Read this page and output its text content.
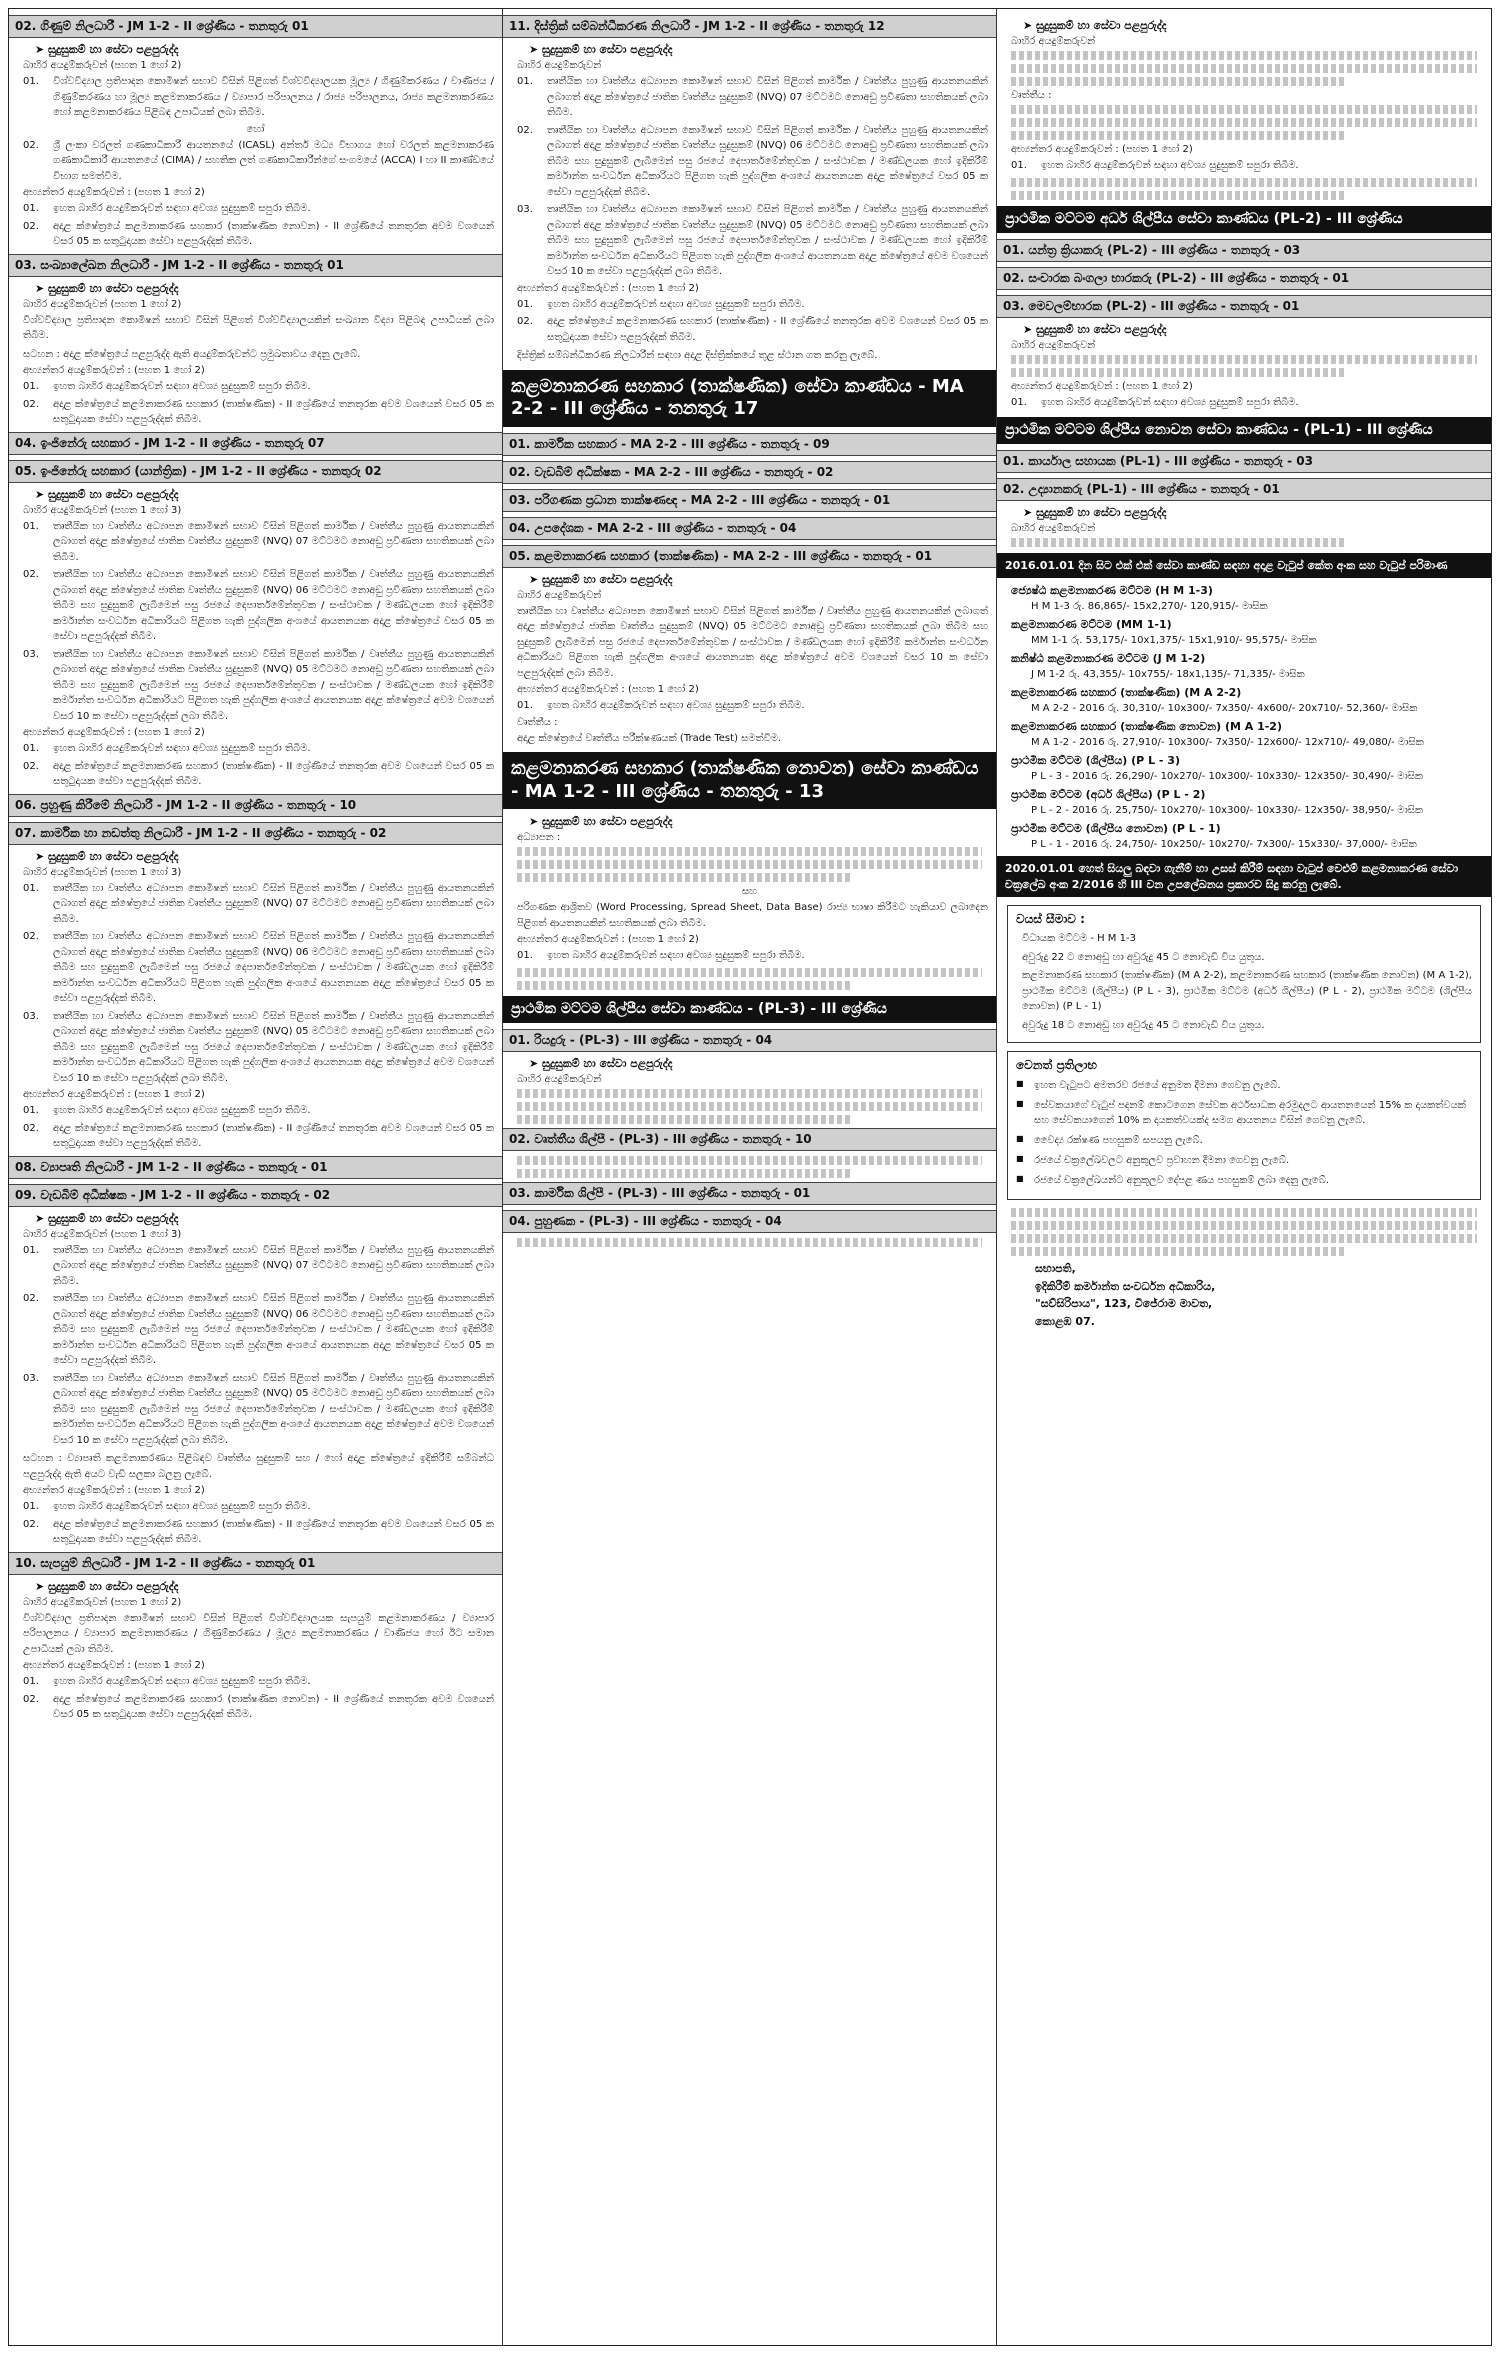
02. ගිණුම් නිලධාරී - JM 1-2 - II ශ්‍රේණිය - තනතුරු 01
➤ සුදුසුකම් හා සේවා පළපුරුද්ද
බාහිර අයදුම්කරුවන් (පහත 1 හෝ 2)
01.	විශ්වවිද්‍යාල ප්‍රතිපාදන කොමිෂන් සභාව විසින් පිළිගත් විශ්වවිද්‍යාලයක මූල්‍ය / ගිණුම්කරණය / වාණිජය / ගිණුම්කරණය හා මූල්‍ය කළමනාකරණය / ව්‍යාපාර පරිපාලනය / රාජ්‍ය පරිපාලනය, රාජ්‍ය කළමනාකරණය හෝ කළමනාකරණය පිළිබඳ උපාධියක් ලබා තිබීම.
හෝ
02.	ශ්‍රී ලංකා වරලත් ගණකාධිකාරී ආයතනයේ (ICASL) අන්තර් මධ්‍ය විභාගය හෝ වරලත් කළමනාකරණ ගණකාධිකාරී ආයතනයේ (CIMA) / සහතික ලත් ගණකාධිකාරීන්ගේ සංගමයේ (ACCA) I හා II කාණ්ඩයේ විභාග සමත්වීම.
අභ්‍යන්තර අයදුම්කරුවන් : (පහත 1 හෝ 2)
01.	ඉහත බාහිර අයදුම්කරුවන් සඳහා අවශ්‍ය සුදුසුකම් සපුරා තිබීම.
02.	අදාළ ක්ෂේත්‍රයේ කළමනාකරණ සහකාර (තාක්ෂණික නොවන) - II ශ්‍රේණියේ තනතුරක අවම වශයෙන් වසර 05 ක සතුටුදායක සේවා පළපුරුද්දක් තිබීම.
03. සංඛ්‍යාලේඛන නිලධාරී - JM 1-2 - II ශ්‍රේණිය - තනතුරු 01
➤ සුදුසුකම් හා සේවා පළපුරුද්ද
බාහිර අයදුම්කරුවන් (පහත 1 හෝ 2)
විශ්වවිද්‍යාල ප්‍රතිපාදන කොමිෂන් සභාව විසින් පිළිගත් විශ්වවිද්‍යාලයකින් සංඛ්‍යාන විද්‍යා පිළිබඳ උපාධියක් ලබා තිබීම.
සටහන : අදාළ ක්ෂේත්‍රයේ පළපුරුද්ද ඇති අයදුම්කරුවන්ට ප්‍රමුඛතාවය දෙනු ලැබේ.
අභ්‍යන්තර අයදුම්කරුවන් : (පහත 1 හෝ 2)
01.	ඉහත බාහිර අයදුම්කරුවන් සඳහා අවශ්‍ය සුදුසුකම් සපුරා තිබීම.
02.	අදාළ ක්ෂේත්‍රයේ කළමනාකරණ සහකාර (තාක්ෂණික) - II ශ්‍රේණියේ තනතුරක අවම වශයෙන් වසර 05 ක සතුටුදායක සේවා පළපුරුද්දක් තිබීම.
04. ඉංජිනේරු සහකාර - JM 1-2 - II ශ්‍රේණිය - තනතුරු 07
05. ඉංජිනේරු සහකාර (යාන්ත්‍රික) - JM 1-2 - II ශ්‍රේණිය - තනතුරු 02
➤ සුදුසුකම් හා සේවා පළපුරුද්ද
බාහිර අයදුම්කරුවන් (පහත 1 හෝ 3)
01.	තෘතීයික හා වෘත්තීය අධ්‍යාපන කොමිෂන් සභාව විසින් පිළිගත් කාර්මික / වෘත්තීය පුහුණු ආයතනයකින් ලබාගත් අදාළ ක්ෂේත්‍රයේ ජාතික වෘත්තීය සුදුසුකම් (NVQ) 07 මට්ටමට නොඅඩු ප්‍රවීණතා සහතිකයක් ලබා තිබීම.
02.	තෘතීයික හා වෘත්තීය අධ්‍යාපන කොමිෂන් සභාව විසින් පිළිගත් කාර්මික / වෘත්තීය පුහුණු ආයතනයකින් ලබාගත් අදාළ ක්ෂේත්‍රයේ ජාතික වෘත්තීය සුදුසුකම් (NVQ) 06 මට්ටමට නොඅඩු ප්‍රවීණතා සහතිකයක් ලබා තිබීම සහ සුදුසුකම් ලැබීමෙන් පසු රජයේ දෙපාර්තමේන්තුවක / සංස්ථාවක / මණ්ඩලයක හෝ ඉදිකිරීම් කර්මාන්ත සංවර්ධන අධිකාරියට පිළිගත හැකි පුද්ගලික අංශයේ ආයතනයක අදාළ ක්ෂේත්‍රයේ වසර 05 ක සේවා පළපුරුද්දක් තිබීම.
03.	තෘතීයික හා වෘත්තීය අධ්‍යාපන කොමිෂන් සභාව විසින් පිළිගත් කාර්මික / වෘත්තීය පුහුණු ආයතනයකින් ලබාගත් අදාළ ක්ෂේත්‍රයේ ජාතික වෘත්තීය සුදුසුකම් (NVQ) 05 මට්ටමට නොඅඩු ප්‍රවීණතා සහතිකයක් ලබා තිබීම සහ සුදුසුකම් ලැබීමෙන් පසු රජයේ දෙපාර්තමේන්තුවක / සංස්ථාවක / මණ්ඩලයක හෝ ඉදිකිරීම් කර්මාන්ත සංවර්ධන අධිකාරියට පිළිගත හැකි පුද්ගලික අංශයේ ආයතනයක අදාළ ක්ෂේත්‍රයේ අවම වශයෙන් වසර 10 ක සේවා පළපුරුද්දක් ලබා තිබීම.
අභ්‍යන්තර අයදුම්කරුවන් : (පහත 1 හෝ 2)
01.	ඉහත බාහිර අයදුම්කරුවන් සඳහා අවශ්‍ය සුදුසුකම් සපුරා තිබීම.
02.	අදාළ ක්ෂේත්‍රයේ කළමනාකරණ සහකාර (තාක්ෂණික) - II ශ්‍රේණියේ තනතුරක අවම වශයෙන් වසර 05 ක සතුටුදායක සේවා පළපුරුද්දක් තිබීම.
06. ප්‍රහුණු කිරීමේ නිලධාරී - JM 1-2 - II ශ්‍රේණිය - තනතුරු - 10
07. කාර්මික හා නඩත්තු නිලධාරී - JM 1-2 - II ශ්‍රේණිය - තනතුරු - 02
➤ සුදුසුකම් හා සේවා පළපුරුද්ද
බාහිර අයදුම්කරුවන් (පහත 1 හෝ 3)
01.	තෘතීයික හා වෘත්තීය අධ්‍යාපන කොමිෂන් සභාව විසින් පිළිගත් කාර්මික / වෘත්තීය පුහුණු ආයතනයකින් ලබාගත් අදාළ ක්ෂේත්‍රයේ ජාතික වෘත්තීය සුදුසුකම් (NVQ) 07 මට්ටමට නොඅඩු ප්‍රවීණතා සහතිකයක් ලබා තිබීම.
02.	තෘතීයික හා වෘත්තීය අධ්‍යාපන කොමිෂන් සභාව විසින් පිළිගත් කාර්මික / වෘත්තීය පුහුණු ආයතනයකින් ලබාගත් අදාළ ක්ෂේත්‍රයේ ජාතික වෘත්තීය සුදුසුකම් (NVQ) 06 මට්ටමට නොඅඩු ප්‍රවීණතා සහතිකයක් ලබා තිබීම සහ සුදුසුකම් ලැබීමෙන් පසු රජයේ දෙපාර්තමේන්තුවක / සංස්ථාවක / මණ්ඩලයක හෝ ඉදිකිරීම් කර්මාන්ත සංවර්ධන අධිකාරියට පිළිගත හැකි පුද්ගලික අංශයේ ආයතනයක අදාළ ක්ෂේත්‍රයේ වසර 05 ක සේවා පළපුරුද්දක් තිබීම.
03.	තෘතීයික හා වෘත්තීය අධ්‍යාපන කොමිෂන් සභාව විසින් පිළිගත් කාර්මික / වෘත්තීය පුහුණු ආයතනයකින් ලබාගත් අදාළ ක්ෂේත්‍රයේ ජාතික වෘත්තීය සුදුසුකම් (NVQ) 05 මට්ටමට නොඅඩු ප්‍රවීණතා සහතිකයක් ලබා තිබීම සහ සුදුසුකම් ලැබීමෙන් පසු රජයේ දෙපාර්තමේන්තුවක / සංස්ථාවක / මණ්ඩලයක හෝ ඉදිකිරීම් කර්මාන්ත සංවර්ධන අධිකාරියට පිළිගත හැකි පුද්ගලික අංශයේ ආයතනයක අදාළ ක්ෂේත්‍රයේ අවම වශයෙන් වසර 10 ක සේවා පළපුරුද්දක් ලබා තිබීම.
අභ්‍යන්තර අයදුම්කරුවන් : (පහත 1 හෝ 2)
01.	ඉහත බාහිර අයදුම්කරුවන් සඳහා අවශ්‍ය සුදුසුකම් සපුරා තිබීම.
02.	අදාළ ක්ෂේත්‍රයේ කළමනාකරණ සහකාර (තාක්ෂණික) - II ශ්‍රේණියේ තනතුරක අවම වශයෙන් වසර 05 ක සතුටුදායක සේවා පළපුරුද්දක් තිබීම.
08. ව්‍යාපෘති නිලධාරී - JM 1-2 - II ශ්‍රේණිය - තනතුරු - 01
09. වැඩබිම් අධීක්ෂක - JM 1-2 - II ශ්‍රේණිය - තනතුරු - 02
➤ සුදුසුකම් හා සේවා පළපුරුද්ද
බාහිර අයදුම්කරුවන් (පහත 1 හෝ 3)
01.	තෘතීයික හා වෘත්තීය අධ්‍යාපන කොමිෂන් සභාව විසින් පිළිගත් කාර්මික / වෘත්තීය පුහුණු ආයතනයකින් ලබාගත් අදාළ ක්ෂේත්‍රයේ ජාතික වෘත්තීය සුදුසුකම් (NVQ) 07 මට්ටමට නොඅඩු ප්‍රවීණතා සහතිකයක් ලබා තිබීම.
02.	තෘතීයික හා වෘත්තීය අධ්‍යාපන කොමිෂන් සභාව විසින් පිළිගත් කාර්මික / වෘත්තීය පුහුණු ආයතනයකින් ලබාගත් අදාළ ක්ෂේත්‍රයේ ජාතික වෘත්තීය සුදුසුකම් (NVQ) 06 මට්ටමට නොඅඩු ප්‍රවීණතා සහතිකයක් ලබා තිබීම සහ සුදුසුකම් ලැබීමෙන් පසු රජයේ දෙපාර්තමේන්තුවක / සංස්ථාවක / මණ්ඩලයක හෝ ඉදිකිරීම් කර්මාන්ත සංවර්ධන අධිකාරියට පිළිගත හැකි පුද්ගලික අංශයේ ආයතනයක අදාළ ක්ෂේත්‍රයේ වසර 05 ක සේවා පළපුරුද්දක් තිබීම.
03.	තෘතීයික හා වෘත්තීය අධ්‍යාපන කොමිෂන් සභාව විසින් පිළිගත් කාර්මික / වෘත්තීය පුහුණු ආයතනයකින් ලබාගත් අදාළ ක්ෂේත්‍රයේ ජාතික වෘත්තීය සුදුසුකම් (NVQ) 05 මට්ටමට නොඅඩු ප්‍රවීණතා සහතිකයක් ලබා තිබීම සහ සුදුසුකම් ලැබීමෙන් පසු රජයේ දෙපාර්තමේන්තුවක / සංස්ථාවක / මණ්ඩලයක හෝ ඉදිකිරීම් කර්මාන්ත සංවර්ධන අධිකාරියට පිළිගත හැකි පුද්ගලික අංශයේ ආයතනයක අදාළ ක්ෂේත්‍රයේ අවම වශයෙන් වසර 10 ක සේවා පළපුරුද්දක් ලබා තිබීම.
සටහන : ව්‍යාපෘති කළමනාකරණය පිළිබඳව වෘත්තීය සුදුසුකම් සහ / හෝ අදාළ ක්ෂේත්‍රයේ ඉදිකිරීම් සම්බන්ධ පළපුරුද්ද ඇති අයට වැඩි සලකා බලනු ලැබේ.
අභ්‍යන්තර අයදුම්කරුවන් : (පහත 1 හෝ 2)
01.	ඉහත බාහිර අයදුම්කරුවන් සඳහා අවශ්‍ය සුදුසුකම් සපුරා තිබීම.
02.	අදාළ ක්ෂේත්‍රයේ කළමනාකරණ සහකාර (තාක්ෂණික) - II ශ්‍රේණියේ තනතුරක අවම වශයෙන් වසර 05 ක සතුටුදායක සේවා පළපුරුද්දක් තිබීම.
10. සැපයුම් නිලධාරී - JM 1-2 - II ශ්‍රේණිය - තනතුරු 01
➤ සුදුසුකම් හා සේවා පළපුරුද්ද
බාහිර අයදුම්කරුවන් (පහත 1 හෝ 2)
විශ්වවිද්‍යාල ප්‍රතිපාදන කොමිෂන් සභාව විසින් පිළිගත් විශ්වවිද්‍යාලයක සැපයුම් කළමනාකරණය / ව්‍යාපාර පරිපාලනය / ව්‍යාපාර කළමනාකරණය / ගිණුම්කරණය / මූල්‍ය කළමනාකරණය / වාණිජය හෝ ඊට සමාන උපාධියක් ලබා තිබීම.
අභ්‍යන්තර අයදුම්කරුවන් : (පහත 1 හෝ 2)
01.	ඉහත බාහිර අයදුම්කරුවන් සඳහා අවශ්‍ය සුදුසුකම් සපුරා තිබීම.
02.	අදාළ ක්ෂේත්‍රයේ කළමනාකරණ සහකාර (තාක්ෂණික නොවන) - II ශ්‍රේණියේ තනතුරක අවම වශයෙන් වසර 05 ක සතුටුදායක සේවා පළපුරුද්දක් තිබීම.
11. දිස්ත්‍රික් සම්බන්ධීකරණ නිලධාරී - JM 1-2 - II ශ්‍රේණිය - තනතුරු 12
➤ සුදුසුකම් හා සේවා පළපුරුද්ද
බාහිර අයදුම්කරුවන්
01.	තෘතීයික හා වෘත්තීය අධ්‍යාපන කොමිෂන් සභාව විසින් පිළිගත් කාර්මික / වෘත්තීය පුහුණු ආයතනයකින් ලබාගත් අදාළ ක්ෂේත්‍රයේ ජාතික වෘත්තීය සුදුසුකම් (NVQ) 07 මට්ටමට නොඅඩු ප්‍රවීණතා සහතිකයක් ලබා තිබීම.
02.	තෘතීයික හා වෘත්තීය අධ්‍යාපන කොමිෂන් සභාව විසින් පිළිගත් කාර්මික / වෘත්තීය පුහුණු ආයතනයකින් ලබාගත් අදාළ ක්ෂේත්‍රයේ ජාතික වෘත්තීය සුදුසුකම් (NVQ) 06 මට්ටමට නොඅඩු ප්‍රවීණතා සහතිකයක් ලබා තිබීම සහ සුදුසුකම් ලැබීමෙන් පසු රජයේ දෙපාර්තමේන්තුවක / සංස්ථාවක / මණ්ඩලයක හෝ ඉදිකිරීම් කර්මාන්ත සංවර්ධන අධිකාරියට පිළිගත හැකි පුද්ගලික අංශයේ ආයතනයක අදාළ ක්ෂේත්‍රයේ වසර 05 ක සේවා පළපුරුද්දක් තිබීම.
03.	තෘතීයික හා වෘත්තීය අධ්‍යාපන කොමිෂන් සභාව විසින් පිළිගත් කාර්මික / වෘත්තීය පුහුණු ආයතනයකින් ලබාගත් අදාළ ක්ෂේත්‍රයේ ජාතික වෘත්තීය සුදුසුකම් (NVQ) 05 මට්ටමට නොඅඩු ප්‍රවීණතා සහතිකයක් ලබා තිබීම සහ සුදුසුකම් ලැබීමෙන් පසු රජයේ දෙපාර්තමේන්තුවක / සංස්ථාවක / මණ්ඩලයක හෝ ඉදිකිරීම් කර්මාන්ත සංවර්ධන අධිකාරියට පිළිගත හැකි පුද්ගලික අංශයේ ආයතනයක අදාළ ක්ෂේත්‍රයේ අවම වශයෙන් වසර 10 ක සේවා පළපුරුද්දක් ලබා තිබීම.
අභ්‍යන්තර අයදුම්කරුවන් : (පහත 1 හෝ 2)
01.	ඉහත බාහිර අයදුම්කරුවන් සඳහා අවශ්‍ය සුදුසුකම් සපුරා තිබීම.
02.	අදාළ ක්ෂේත්‍රයේ කළමනාකරණ සහකාර (තාක්ෂණික) - II ශ්‍රේණියේ තනතුරක අවම වශයෙන් වසර 05 ක සතුටුදායක සේවා පළපුරුද්දක් තිබීම.
දිස්ත්‍රික් සම්බන්ධීකරණ නිලධාරීන් සඳහා අදාළ දිස්ත්‍රික්කයේ තුළ ස්ථාන ගත කරනු ලැබේ.
කළමනාකරණ සහකාර (තාක්ෂණික) සේවා කාණ්ඩය - MA 2-2 - III ශ්‍රේණිය - තනතුරු 17
01. කාර්මික සහකාර - MA 2-2 - III ශ්‍රේණිය - තනතුරු - 09
02. වැඩබිම් අධීක්ෂක - MA 2-2 - III ශ්‍රේණිය - තනතුරු - 02
03. පරිගණක ප්‍රධාන තාක්ෂණඥ - MA 2-2 - III ශ්‍රේණිය - තනතුරු - 01
04. උපදේශක - MA 2-2 - III ශ්‍රේණිය - තනතුරු - 04
05. කළමනාකරණ සහකාර (තාක්ෂණික) - MA 2-2 - III ශ්‍රේණිය - තනතුරු - 01
➤ සුදුසුකම් හා සේවා පළපුරුද්ද
බාහිර අයදුම්කරුවන්
තෘතීයික හා වෘත්තීය අධ්‍යාපන කොමිෂන් සභාව විසින් පිළිගත් කාර්මික / වෘත්තීය පුහුණු ආයතනයකින් ලබාගත් අදාළ ක්ෂේත්‍රයේ ජාතික වෘත්තීය සුදුසුකම් (NVQ) 05 මට්ටමට නොඅඩු ප්‍රවීණතා සහතිකයක් ලබා තිබීම සහ සුදුසුකම් ලැබීමෙන් පසු රජයේ දෙපාර්තමේන්තුවක / සංස්ථාවක / මණ්ඩලයක හෝ ඉදිකිරීම් කර්මාන්ත සංවර්ධන අධිකාරියට පිළිගත හැකි පුද්ගලික අංශයේ ආයතනයක අදාළ ක්ෂේත්‍රයේ අවම වශයෙන් වසර 10 ක සේවා පළපුරුද්දක් ලබා තිබීම.
අභ්‍යන්තර අයදුම්කරුවන් : (පහත 1 හෝ 2)
01.	ඉහත බාහිර අයදුම්කරුවන් සඳහා අවශ්‍ය සුදුසුකම් සපුරා තිබීම.
වෘත්තීය :
අදාළ ක්ෂේත්‍රයේ වෘත්තීය පරීක්ෂණයක් (Trade Test) සමත්වීම.
කළමනාකරණ සහකාර (තාක්ෂණික නොවන) සේවා කාණ්ඩය - MA 1-2 - III ශ්‍රේණිය - තනතුරු - 13
➤ සුදුසුකම් හා සේවා පළපුරුද්ද
අධ්‍යාපන :
සහ
පරිගණක ආශ්‍රිතව (Word Processing, Spread Sheet, Data Base) රාජ්‍ය භාෂා කිරීමට හැකියාව ලබාදෙන පිළිගත් ආයතනයකින් සහතිකයක් ලබා තිබීම.
අභ්‍යන්තර අයදුම්කරුවන් : (පහත 1 හෝ 2)
01.	ඉහත බාහිර අයදුම්කරුවන් සඳහා අවශ්‍ය සුදුසුකම් සපුරා තිබීම.
ප්‍රාථමික මට්ටම ශිල්පීය සේවා කාණ්ඩය - (PL-3) - III ශ්‍රේණිය
01. රියදුරු - (PL-3) - III ශ්‍රේණිය - තනතුරු - 04
➤ සුදුසුකම් හා සේවා පළපුරුද්ද
බාහිර අයදුම්කරුවන්
02. වෘත්තීය ශිල්පී - (PL-3) - III ශ්‍රේණිය - තනතුරු - 10
03. කාර්මික ශිල්පී - (PL-3) - III ශ්‍රේණිය - තනතුරු - 01
04. පුහුණක - (PL-3) - III ශ්‍රේණිය - තනතුරු - 04
➤ සුදුසුකම් හා සේවා පළපුරුද්ද
බාහිර අයදුම්කරුවන්
වෘත්තීය :
අභ්‍යන්තර අයදුම්කරුවන් : (පහත 1 හෝ 2)
01.	ඉහත බාහිර අයදුම්කරුවන් සඳහා අවශ්‍ය සුදුසුකම් සපුරා තිබීම.
ප්‍රාථමික මට්ටම අර්ධ ශිල්පීය සේවා කාණ්ඩය (PL-2) - III ශ්‍රේණිය
01. යන්ත්‍ර ක්‍රියාකරු (PL-2) - III ශ්‍රේණිය - තනතුරු - 03
02. සංචාරක බංගලා භාරකරු (PL-2) - III ශ්‍රේණිය - තනතුරු - 01
03. මෙවලම්භාරක (PL-2) - III ශ්‍රේණිය - තනතුරු - 01
➤ සුදුසුකම් හා සේවා පළපුරුද්ද
බාහිර අයදුම්කරුවන්
අභ්‍යන්තර අයදුම්කරුවන් : (පහත 1 හෝ 2)
01.	ඉහත බාහිර අයදුම්කරුවන් සඳහා අවශ්‍ය සුදුසුකම් සපුරා තිබීම.
ප්‍රාථමික මට්ටම ශිල්පීය නොවන සේවා කාණ්ඩය - (PL-1) - III ශ්‍රේණිය
01. කාර්යාල සහායක (PL-1) - III ශ්‍රේණිය - තනතුරු - 03
02. උද්‍යානකරු (PL-1) - III ශ්‍රේණිය - තනතුරු - 01
➤ සුදුසුකම් හා සේවා පළපුරුද්ද
බාහිර අයදුම්කරුවන්
2016.01.01 දින සිට එක් එක් සේවා කාණ්ඩ සඳහා අදාළ වැටුප් කේත අංක සහ වැටුප් පරිමාණ
ජ්‍යෙෂ්ඨ කළමනාකරණ මට්ටම (H M 1-3)
H M 1-3 රු. 86,865/- 15x2,270/- 120,915/- මාසික
කළමනාකරණ මට්ටම (MM 1-1)
MM 1-1 රු. 53,175/- 10x1,375/- 15x1,910/- 95,575/- මාසික
කනිෂ්ඨ කළමනාකරණ මට්ටම (J M 1-2)
J M 1-2 රු. 43,355/- 10x755/- 18x1,135/- 71,335/- මාසික
කළමනාකරණ සහකාර (තාක්ෂණික) (M A 2-2)
M A 2-2 - 2016 රු. 30,310/- 10x300/- 7x350/- 4x600/- 20x710/- 52,360/- මාසික
කළමනාකරණ සහකාර (තාක්ෂණික නොවන) (M A 1-2)
M A 1-2 - 2016 රු. 27,910/- 10x300/- 7x350/- 12x600/- 12x710/- 49,080/- මාසික
ප්‍රාථමික මට්ටම (ශිල්පීය) (P L - 3)
P L - 3 - 2016 රු. 26,290/- 10x270/- 10x300/- 10x330/- 12x350/- 30,490/- මාසික
ප්‍රාථමික මට්ටම (අර්ධ ශිල්පීය) (P L - 2)
P L - 2 - 2016 රු. 25,750/- 10x270/- 10x300/- 10x330/- 12x350/- 38,950/- මාසික
ප්‍රාථමික මට්ටම (ශිල්පීය නොවන) (P L - 1)
P L - 1 - 2016 රු. 24,750/- 10x250/- 10x270/- 7x300/- 15x330/- 37,000/- මාසික
2020.01.01 හෙත් සියලු බඳවා ගැනීම් හා උසස් කිරීම් සඳහා වැටුප් වෙළුම් කළමනාකරණ සේවා චක්‍රලේඛ අංක 2/2016 හි III වන උපලේඛනය ප්‍රකාරව සිදු කරනු ලැබේ.
වයස් සීමාව :
විධායක මට්ටම - H M 1-3
අවුරුදු 22 ට නොඅඩු හා අවුරුදු 45 ට නොවැඩි විය යුතුය.
කළමනාකරණ සහකාර (තාක්ෂණික) (M A 2-2), කළමනාකරණ සහකාර (තාක්ෂණික නොවන) (M A 1-2), ප්‍රාථමික මට්ටම (ශිල්පීය) (P L - 3), ප්‍රාථමික මට්ටම (අර්ධ ශිල්පීය) (P L - 2), ප්‍රාථමික මට්ටම (ශිල්පීය නොවන) (P L - 1)
අවුරුදු 18 ට නොඅඩු හා අවුරුදු 45 ට නොවැඩි විය යුතුය.
වෙනත් ප්‍රතිලාභ
■ ඉහත වැටුපට අමතරව රජයේ අනුමත දීමනා ගෙවනු ලැබේ.
■ සේවකයාගේ වැටුප් පදනම් කොටගෙන සේවක අර්ථසාධක අරමුදලට ආයතනයෙන් 15% ක දායකත්වයක් සහ සේවකයාගෙන් 10% ක දායකත්වයක්ද සමග ආයතනය විසින් ගෙවනු ලැබේ.
■ වෛද්‍ය රක්ෂණ පහසුකම් සපයනු ලැබේ.
■ රජයේ චක්‍රලේඛවලට අනුකූලව ප්‍රවාහන දීමනා ගෙවනු ලැබේ.
■ රජයේ චක්‍රලේඛයන්ට අනුකූලව දේපළ ණය පහසුකම් ලබා දෙනු ලැබේ.
සභාපති,
ඉදිකිරීම් කර්මාන්ත සංවර්ධන අධිකාරිය,
"සව්සිරිපාය", 123, විජේරාම මාවත,
කොළඹ 07.
